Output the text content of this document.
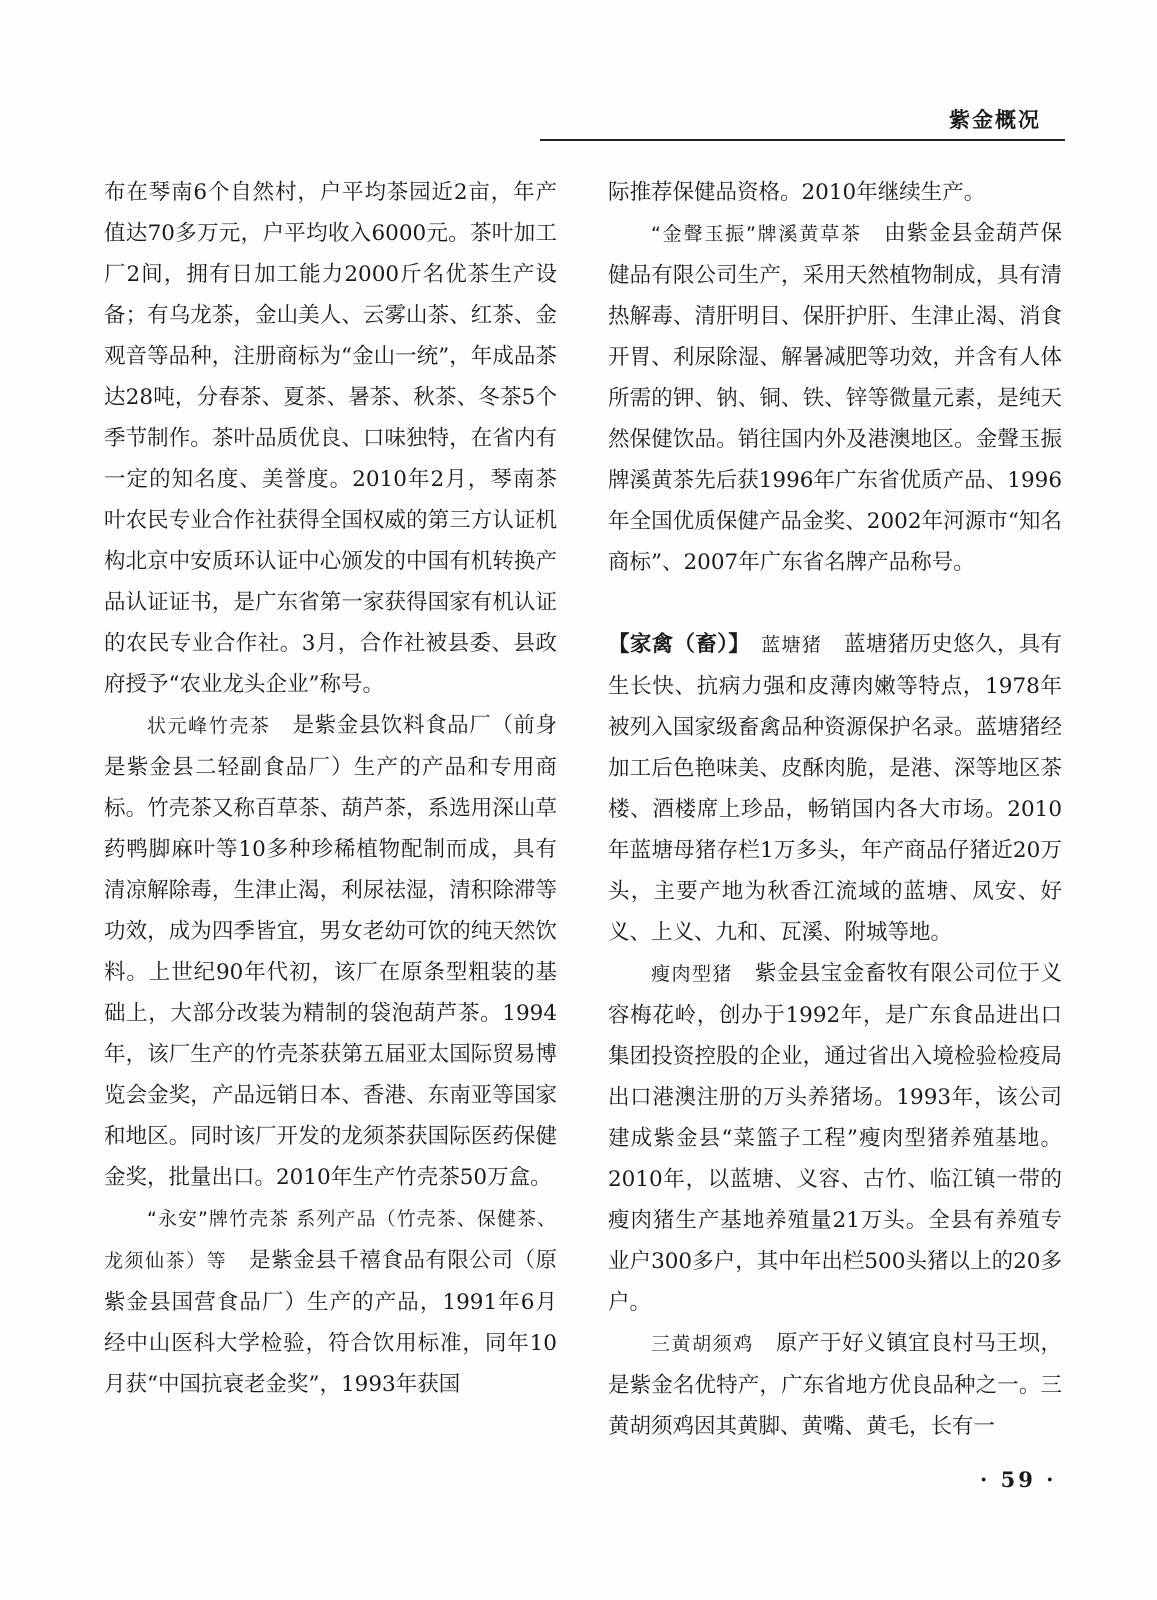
紫金概况

布在琴南6个自然村，户平均茶园近2亩，年产值达70多万元，户平均收入6000元。茶叶加工厂2间，拥有日加工能力2000斤名优茶生产设备；有乌龙茶，金山美人、云雾山茶、红茶、金观音等品种，注册商标为“金山一统”，年成品茶达28吨，分春茶、夏茶、暑茶、秋茶、冬茶5个季节制作。茶叶品质优良、口味独特，在省内有一定的知名度、美誉度。2010年2月，琴南茶叶农民专业合作社获得全国权威的第三方认证机构北京中安质环认证中心颁发的中国有机转换产品认证证书，是广东省第一家获得国家有机认证的农民专业合作社。3月，合作社被县委、县政府授予“农业龙头企业”称号。

状元峰竹壳茶　是紫金县饮料食品厂（前身是紫金县二轻副食品厂）生产的产品和专用商标。竹壳茶又称百草茶、葫芦茶，系选用深山草药鸭脚麻叶等10多种珍稀植物配制而成，具有清凉解除毒，生津止渴，利尿祛湿，清积除滞等功效，成为四季皆宜，男女老幼可饮的纯天然饮料。上世纪90年代初，该厂在原条型粗装的基础上，大部分改装为精制的袋泡葫芦茶。1994年，该厂生产的竹壳茶获第五届亚太国际贸易博览会金奖，产品远销日本、香港、东南亚等国家和地区。同时该厂开发的龙须茶获国际医药保健金奖，批量出口。2010年生产竹壳茶50万盒。

“永安”牌竹壳茶 系列产品（竹壳茶、保健茶、龙须仙茶）等　是紫金县千禧食品有限公司（原紫金县国营食品厂）生产的产品，1991年6月经中山医科大学检验，符合饮用标准，同年10月获“中国抗衰老金奖”，1993年获国

际推荐保健品资格。2010年继续生产。

“金聲玉振”牌溪黄草茶　由紫金县金葫芦保健品有限公司生产，采用天然植物制成，具有清热解毒、清肝明目、保肝护肝、生津止渴、消食开胃、利尿除湿、解暑减肥等功效，并含有人体所需的钾、钠、铜、铁、锌等微量元素，是纯天然保健饮品。销往国内外及港澳地区。金聲玉振牌溪黄茶先后获1996年广东省优质产品、1996年全国优质保健产品金奖、2002年河源市“知名商标”、2007年广东省名牌产品称号。

【家禽（畜）】　 蓝塘猪　蓝塘猪历史悠久，具有生长快、抗病力强和皮薄肉嫩等特点，1978年被列入国家级畜禽品种资源保护名录。蓝塘猪经加工后色艳味美、皮酥肉脆，是港、深等地区茶楼、酒楼席上珍品，畅销国内各大市场。2010年蓝塘母猪存栏1万多头，年产商品仔猪近20万头，主要产地为秋香江流域的蓝塘、凤安、好义、上义、九和、瓦溪、附城等地。

瘦肉型猪　紫金县宝金畜牧有限公司位于义容梅花岭，创办于1992年，是广东食品进出口集团投资控股的企业，通过省出入境检验检疫局出口港澳注册的万头养猪场。1993年，该公司建成紫金县“菜篮子工程”瘦肉型猪养殖基地。2010年，以蓝塘、义容、古竹、临江镇一带的瘦肉猪生产基地养殖量21万头。全县有养殖专业户300多户，其中年出栏500头猪以上的20多户。

三黄胡须鸡　原产于好义镇宜良村马王坝，是紫金名优特产，广东省地方优良品种之一。三黄胡须鸡因其黄脚、黄嘴、黄毛，长有一

· 59 ·
